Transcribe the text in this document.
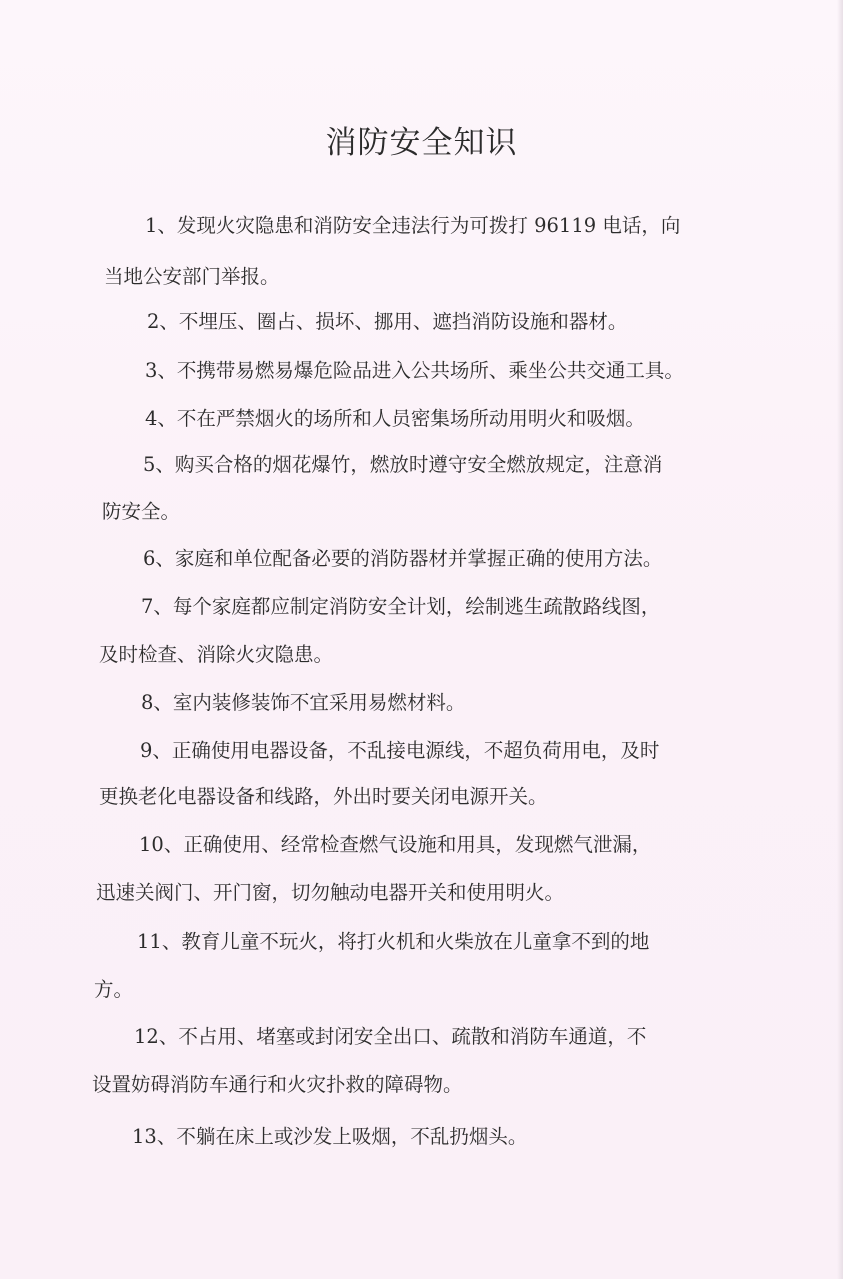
消防安全知识
1、发现火灾隐患和消防安全违法行为可拨打 96119 电话，向
当地公安部门举报。
2、不埋压、圈占、损坏、挪用、遮挡消防设施和器材。
3、不携带易燃易爆危险品进入公共场所、乘坐公共交通工具。
4、不在严禁烟火的场所和人员密集场所动用明火和吸烟。
5、购买合格的烟花爆竹，燃放时遵守安全燃放规定，注意消
防安全。
6、家庭和单位配备必要的消防器材并掌握正确的使用方法。
7、每个家庭都应制定消防安全计划，绘制逃生疏散路线图，
及时检查、消除火灾隐患。
8、室内装修装饰不宜采用易燃材料。
9、正确使用电器设备，不乱接电源线，不超负荷用电，及时
更换老化电器设备和线路，外出时要关闭电源开关。
10、正确使用、经常检查燃气设施和用具，发现燃气泄漏，
迅速关阀门、开门窗，切勿触动电器开关和使用明火。
11、教育儿童不玩火，将打火机和火柴放在儿童拿不到的地
方。
12、不占用、堵塞或封闭安全出口、疏散和消防车通道，不
设置妨碍消防车通行和火灾扑救的障碍物。
13、不躺在床上或沙发上吸烟，不乱扔烟头。
